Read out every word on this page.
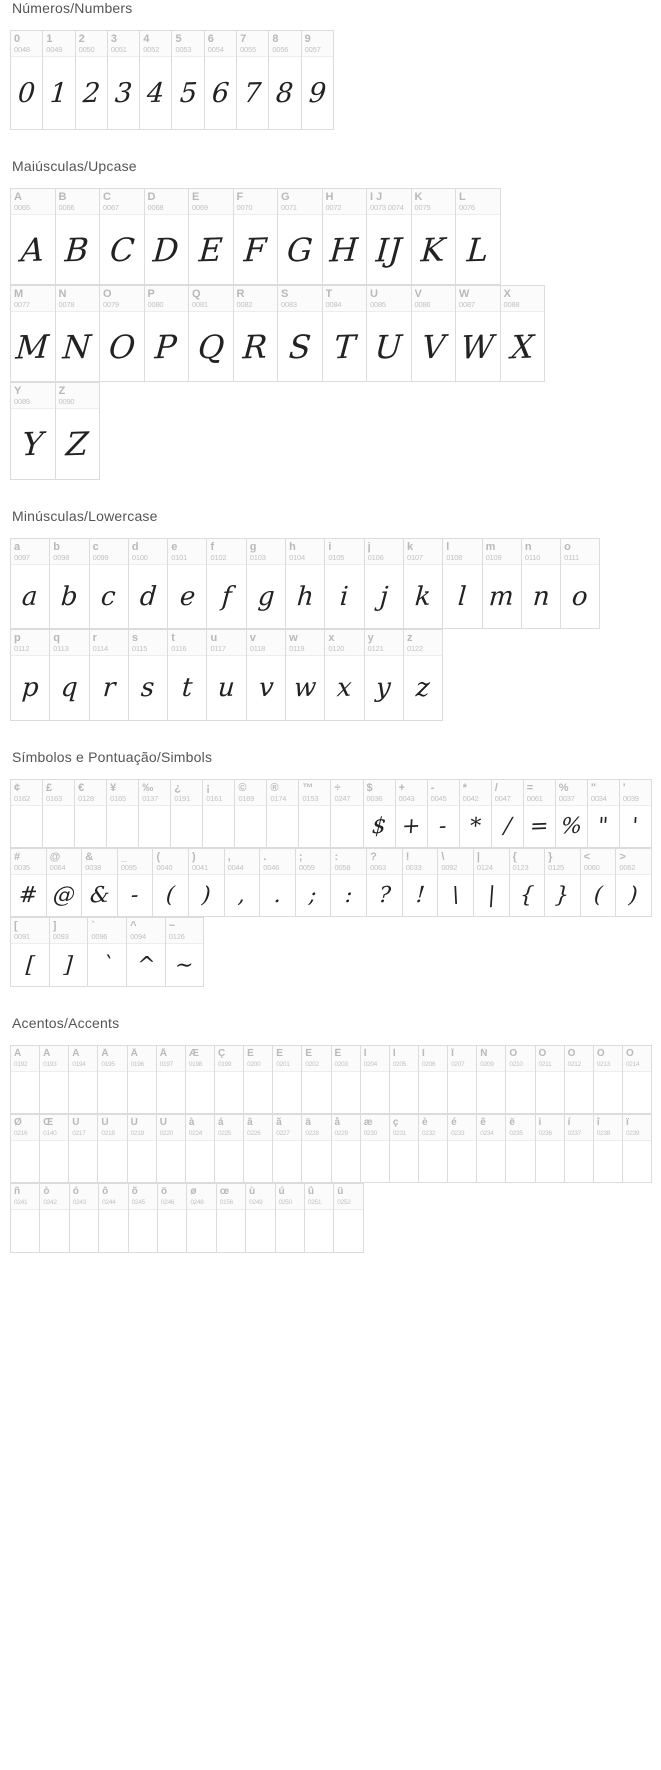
Números/Numbers
0
0048
0
1
0049
1
2
0050
2
3
0051
3
4
0052
4
5
0053
5
6
0054
6
7
0055
7
8
0056
8
9
0057
9
Maiúsculas/Upcase
A
0065
A
B
0066
B
C
0067
C
D
0068
D
E
0069
E
F
0070
F
G
0071
G
H
0072
H
I J
0073 0074
IJ
K
0075
K
L
0076
L
M
0077
M
N
0078
N
O
0079
O
P
0080
P
Q
0081
Q
R
0082
R
S
0083
S
T
0084
T
U
0085
U
V
0086
V
W
0087
W
X
0088
X
Y
0089
Y
Z
0090
Z
Minúsculas/Lowercase
a
0097
a
b
0098
b
c
0099
c
d
0100
d
e
0101
e
f
0102
f
g
0103
g
h
0104
h
i
0105
i
j
0106
j
k
0107
k
l
0108
l
m
0109
m
n
0110
n
o
0111
o
p
0112
p
q
0113
q
r
0114
r
s
0115
s
t
0116
t
u
0117
u
v
0118
v
w
0119
w
x
0120
x
y
0121
y
z
0122
z
Símbolos e Pontuação/Simbols
¢
0162
£
0163
€
0128
¥
0165
‰
0137
¿
0191
¡
0161
©
0169
®
0174
™
0153
÷
0247
$
0036
$
+
0043
+
-
0045
-
*
0042
*
/
0047
/
=
0061
=
%
0037
%
"
0034
"
'
0039
'
#
0035
#
@
0064
@
&
0038
&
_
0095
-
(
0040
(
)
0041
)
,
0044
,
.
0046
.
;
0059
;
:
0058
:
?
0063
?
!
0033
!
\
0092
\
|
0124
|
{
0123
{
}
0125
}
<
0060
(
>
0062
)
[
0091
[
]
0093
]
`
0096
`
^
0094
^
~
0126
~
Acentos/Accents
À
0192
Á
0193
Â
0194
Ã
0195
Ä
0196
Å
0197
Æ
0198
Ç
0199
È
0200
É
0201
Ê
0202
Ë
0203
Ì
0204
Í
0205
Î
0206
Ï
0207
Ñ
0209
Ò
0210
Ó
0211
Ô
0212
Õ
0213
Ö
0214
Ø
0216
Œ
0140
Ù
0217
Ú
0218
Û
0219
Ü
0220
à
0224
á
0225
â
0226
ã
0227
ä
0228
å
0229
æ
0230
ç
0231
è
0232
é
0233
ê
0234
ë
0235
ì
0236
í
0237
î
0238
ï
0239
ñ
0241
ò
0242
ó
0243
ô
0244
õ
0245
ö
0246
ø
0248
œ
0156
ù
0249
ú
0250
û
0251
ü
0252
